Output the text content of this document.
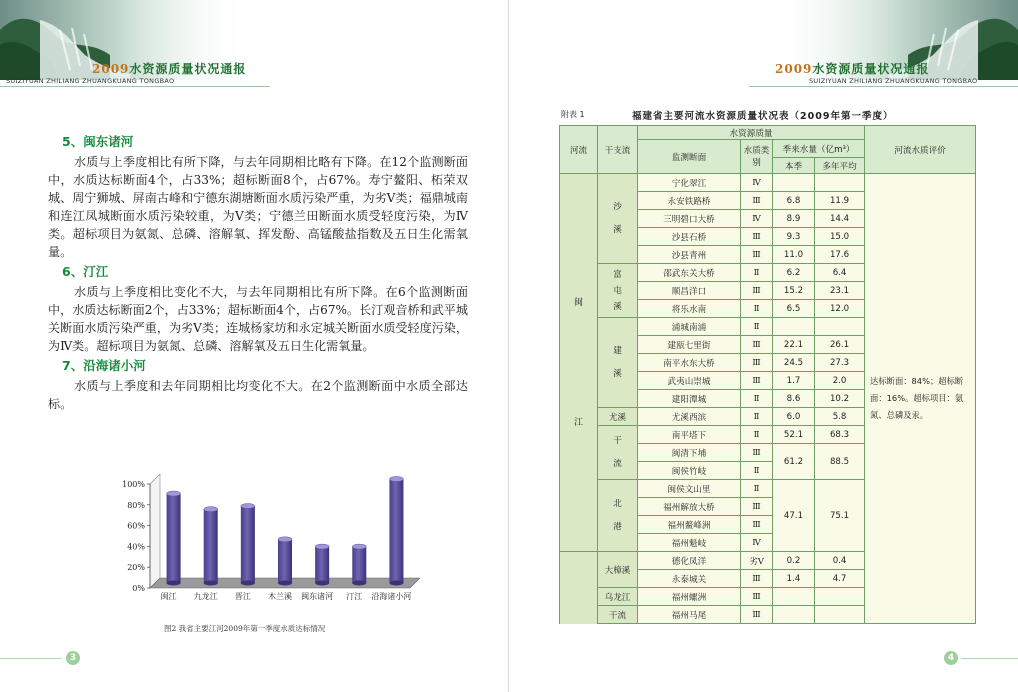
2009水资源质量状况通报
SUIZIYUAN ZHILIANG ZHUANGKUANG TONGBAO
5、闽东诸河

水质与上季度相比有所下降，与去年同期相比略有下降。在12个监测断面中，水质达标断面4个，占33%；超标断面8个，占67%。寿宁鳌阳、柘荣双城、周宁狮城、屏南古峰和宁德东湖塘断面水质污染严重，为劣Ⅴ类；福鼎城南和连江凤城断面水质污染较重，为Ⅴ类；宁德兰田断面水质受轻度污染，为Ⅳ类。超标项目为氨氮、总磷、溶解氧、挥发酚、高锰酸盐指数及五日生化需氧量。

6、汀江

水质与上季度相比变化不大，与去年同期相比有所下降。在6个监测断面中，水质达标断面2个，占33%；超标断面4个，占67%。长汀观音桥和武平城关断面水质污染严重，为劣Ⅴ类；连城杨家坊和永定城关断面水质受轻度污染，为Ⅳ类。超标项目为氨氮、总磷、溶解氧及五日生化需氧量。

7、沿海诸小河

水质与上季度和去年同期相比均变化不大。在2个监测断面中水质全部达标。

0%
20%
40%
60%
80%
100%
闽江 九龙江 晋江 木兰溪 闽东诸河 汀江 沿海诸小河
图2 我省主要江河2009年第一季度水质达标情况
3
2009水资源质量状况通报
SUIZIYUAN ZHILIANG ZHUANGKUANG TONGBAO
附表 1	福建省主要河流水资源质量状况表（2009年第一季度）
河流	干支流	水资源质量				河流水质评价
		监测断面	水质类别	季来水量（亿m³）		
				本季	多年平均	
闽江	沙溪	宁化翠江	Ⅳ			达标断面：84%；超标断面：16%。超标项目：氨氮、总磷及汞。
		永安铁路桥	Ⅲ	6.8	11.9	
		三明碧口大桥	Ⅳ	8.9	14.4	
		沙县石桥	Ⅲ	9.3	15.0	
		沙县青州	Ⅲ	11.0	17.6	
	富屯溪	邵武东关大桥	Ⅱ	6.2	6.4	
		顺昌洋口	Ⅲ	15.2	23.1	
		将乐水南	Ⅱ	6.5	12.0	
	建溪	浦城南浦	Ⅱ			
		建瓯七里街	Ⅲ	22.1	26.1	
		南平水东大桥	Ⅲ	24.5	27.3	
		武夷山崇城	Ⅲ	1.7	2.0	
		建阳潭城	Ⅱ	8.6	10.2	
	尤溪	尤溪西滨	Ⅱ	6.0	5.8	
	干流	南平塔下	Ⅱ	52.1	68.3	
		闽清下埔	Ⅲ	61.2	88.5	
		闽侯竹岐	Ⅱ			
	北港	闽侯文山里	Ⅱ	47.1	75.1	
		福州解放大桥	Ⅲ			
		福州鳌峰洲	Ⅲ			
		福州魁岐	Ⅳ			
	大樟溪	德化凤洋	劣Ⅴ	0.2	0.4	
		永泰城关	Ⅲ	1.4	4.7	
	乌龙江	福州螺洲	Ⅲ			
	干流	福州马尾	Ⅲ			
4
